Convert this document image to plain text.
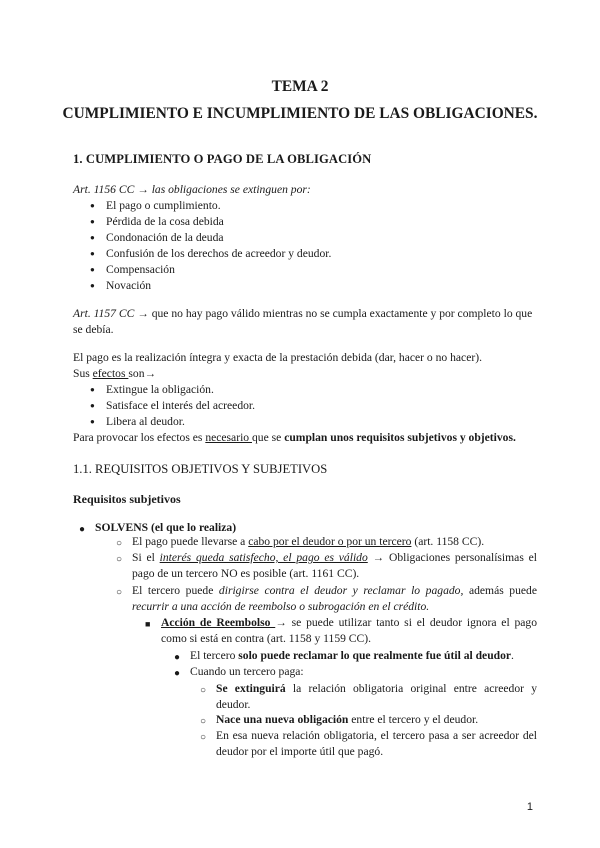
TEMA 2
CUMPLIMIENTO E INCUMPLIMIENTO DE LAS OBLIGACIONES.
1. CUMPLIMIENTO O PAGO DE LA OBLIGACIÓN
Art. 1156 CC → las obligaciones se extinguen por:
● El pago o cumplimiento.
● Pérdida de la cosa debida
● Condonación de la deuda
● Confusión de los derechos de acreedor y deudor.
● Compensación
● Novación
Art. 1157 CC → que no hay pago válido mientras no se cumpla exactamente y por completo lo que se debía.
El pago es la realización íntegra y exacta de la prestación debida (dar, hacer o no hacer).
Sus efectos son→
● Extingue la obligación.
● Satisface el interés del acreedor.
● Libera al deudor.
Para provocar los efectos es necesario que se cumplan unos requisitos subjetivos y objetivos.
1.1. REQUISITOS OBJETIVOS Y SUBJETIVOS
Requisitos subjetivos
● SOLVENS (el que lo realiza)
○ El pago puede llevarse a cabo por el deudor o por un tercero (art. 1158 CC).
○ Si el interés queda satisfecho, el pago es válido → Obligaciones personalísimas el pago de un tercero NO es posible (art. 1161 CC).
○ El tercero puede dirigirse contra el deudor y reclamar lo pagado, además puede recurrir a una acción de reembolso o subrogación en el crédito.
■ Acción de Reembolso → se puede utilizar tanto si el deudor ignora el pago como si está en contra (art. 1158 y 1159 CC).
● El tercero solo puede reclamar lo que realmente fue útil al deudor.
● Cuando un tercero paga:
○ Se extinguirá la relación obligatoria original entre acreedor y deudor.
○ Nace una nueva obligación entre el tercero y el deudor.
○ En esa nueva relación obligatoria, el tercero pasa a ser acreedor del deudor por el importe útil que pagó.
1
